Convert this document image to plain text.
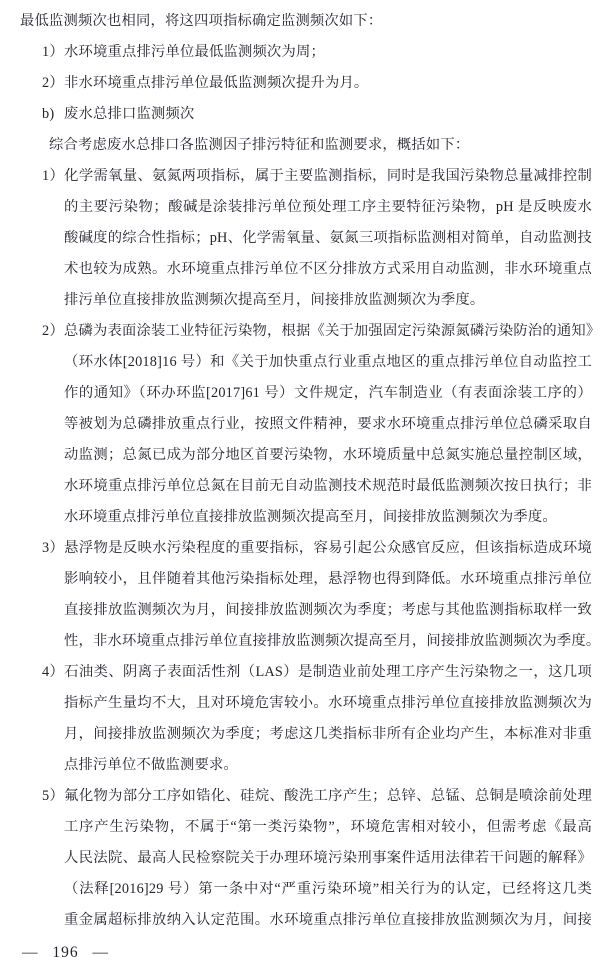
最低监测频次也相同，将这四项指标确定监测频次如下：
1）水环境重点排污单位最低监测频次为周；
2）非水环境重点排污单位最低监测频次提升为月。
b) 废水总排口监测频次
综合考虑废水总排口各监测因子排污特征和监测要求，概括如下：
1）化学需氧量、氨氮两项指标，属于主要监测指标，同时是我国污染物总量减排控制
的主要污染物；酸碱是涂装排污单位预处理工序主要特征污染物，pH 是反映废水
酸碱度的综合性指标；pH、化学需氧量、氨氮三项指标监测相对简单，自动监测技
术也较为成熟。水环境重点排污单位不区分排放方式采用自动监测，非水环境重点
排污单位直接排放监测频次提高至月，间接排放监测频次为季度。
2）总磷为表面涂装工业特征污染物，根据《关于加强固定污染源氮磷污染防治的通知》
（环水体[2018]16 号）和《关于加快重点行业重点地区的重点排污单位自动监控工
作的通知》（环办环监[2017]61 号）文件规定，汽车制造业（有表面涂装工序的）
等被划为总磷排放重点行业，按照文件精神，要求水环境重点排污单位总磷采取自
动监测；总氮已成为部分地区首要污染物，水环境质量中总氮实施总量控制区域，
水环境重点排污单位总氮在目前无自动监测技术规范时最低监测频次按日执行；非
水环境重点排污单位直接排放监测频次提高至月，间接排放监测频次为季度。
3）悬浮物是反映水污染程度的重要指标，容易引起公众感官反应，但该指标造成环境
影响较小，且伴随着其他污染指标处理，悬浮物也得到降低。水环境重点排污单位
直接排放监测频次为月，间接排放监测频次为季度；考虑与其他监测指标取样一致
性，非水环境重点排污单位直接排放监测频次提高至月，间接排放监测频次为季度。
4）石油类、阴离子表面活性剂（LAS）是制造业前处理工序产生污染物之一，这几项
指标产生量均不大，且对环境危害较小。水环境重点排污单位直接排放监测频次为
月，间接排放监测频次为季度；考虑这几类指标非所有企业均产生，本标准对非重
点排污单位不做监测要求。
5）氟化物为部分工序如锆化、硅烷、酸洗工序产生；总锌、总锰、总铜是喷涂前处理
工序产生污染物，不属于“第一类污染物”，环境危害相对较小，但需考虑《最高
人民法院、最高人民检察院关于办理环境污染刑事案件适用法律若干问题的解释》
（法释[2016]29 号）第一条中对“严重污染环境”相关行为的认定，已经将这几类
重金属超标排放纳入认定范围。水环境重点排污单位直接排放监测频次为月，间接
— 196 —
